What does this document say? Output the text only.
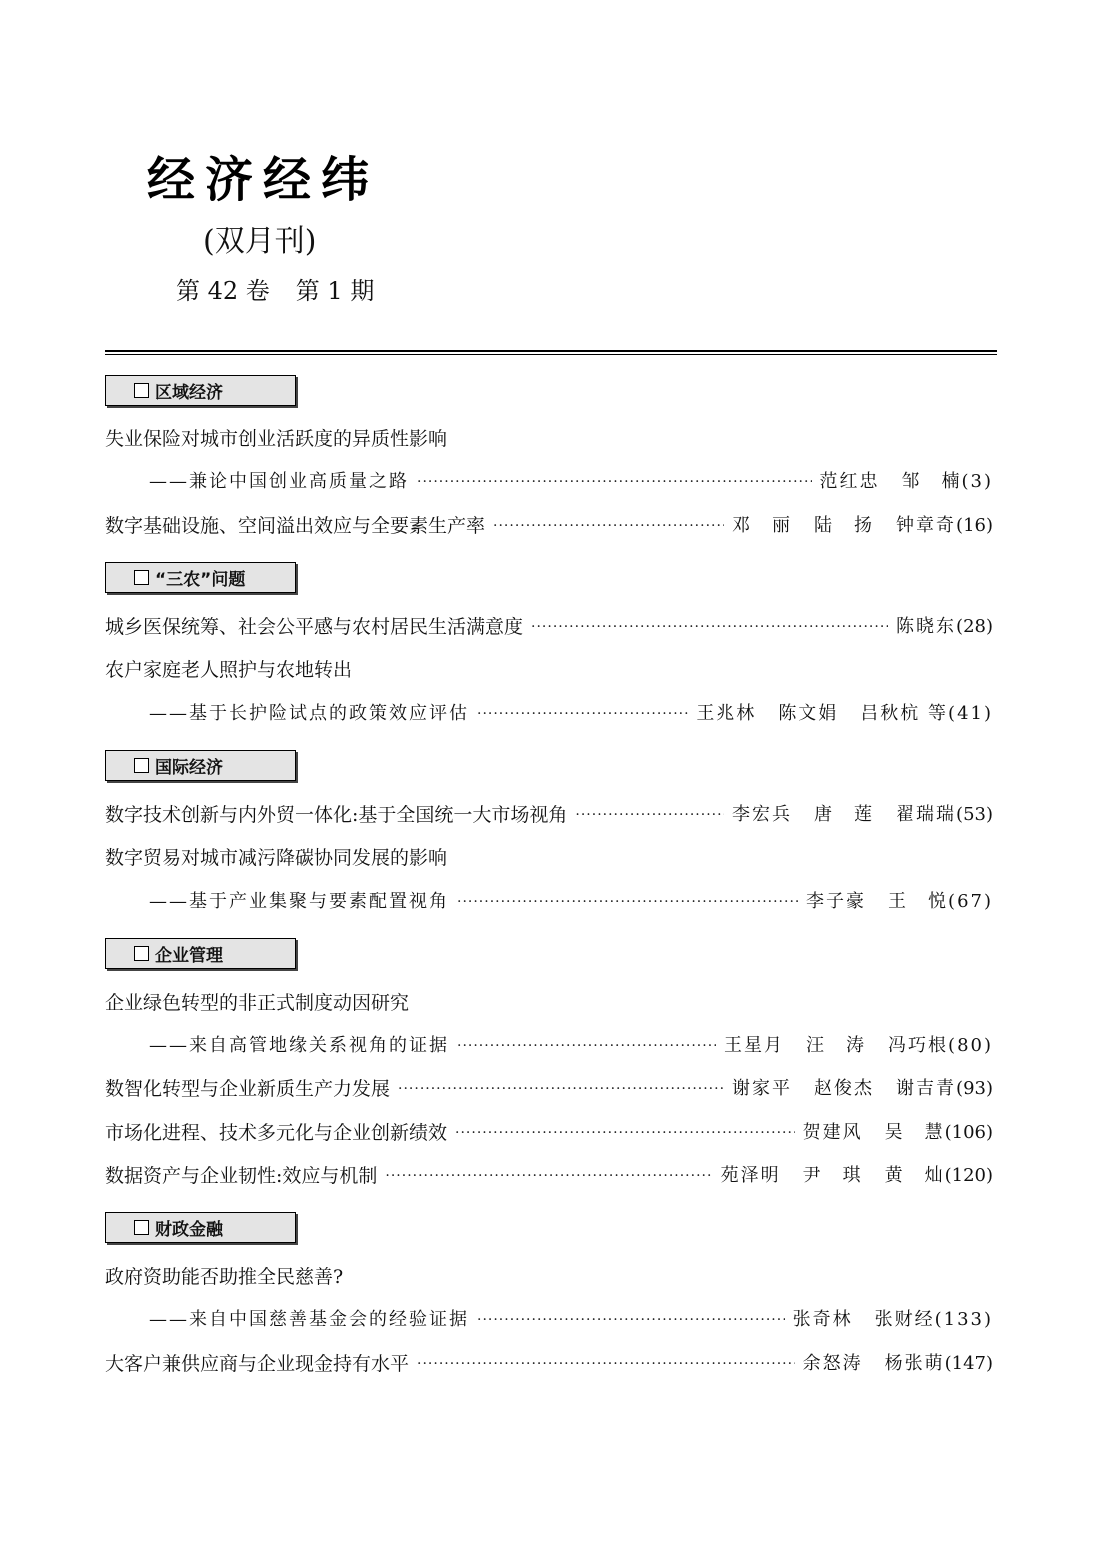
经济经纬
(双月刊)
第 42 卷 第 1 期
区域经济
失业保险对城市创业活跃度的异质性影响
——兼论中国创业高质量之路 ·····	范红忠 邹　楠 (3)
数字基础设施、空间溢出效应与全要素生产率 ·····	邓　丽 陆　扬 钟章奇 (16)
“三农”问题
城乡医保统筹、社会公平感与农村居民生活满意度 ·····	陈晓东 (28)
农户家庭老人照护与农地转出
——基于长护险试点的政策效应评估 ·····	王兆林 陈文娟 吕秋杭 等 (41)
国际经济
数字技术创新与内外贸一体化:基于全国统一大市场视角 ·····	李宏兵 唐　莲 翟瑞瑞 (53)
数字贸易对城市减污降碳协同发展的影响
——基于产业集聚与要素配置视角 ·····	李子豪 王　悦 (67)
企业管理
企业绿色转型的非正式制度动因研究
——来自高管地缘关系视角的证据 ·····	王星月 汪　涛 冯巧根 (80)
数智化转型与企业新质生产力发展 ·····	谢家平 赵俊杰 谢吉青 (93)
市场化进程、技术多元化与企业创新绩效 ·····	贺建风 吴　慧 (106)
数据资产与企业韧性:效应与机制 ·····	苑泽明 尹　琪 黄　灿 (120)
财政金融
政府资助能否助推全民慈善?
——来自中国慈善基金会的经验证据 ·····	张奇林 张财经 (133)
大客户兼供应商与企业现金持有水平 ·····	余怒涛 杨张萌 (147)
